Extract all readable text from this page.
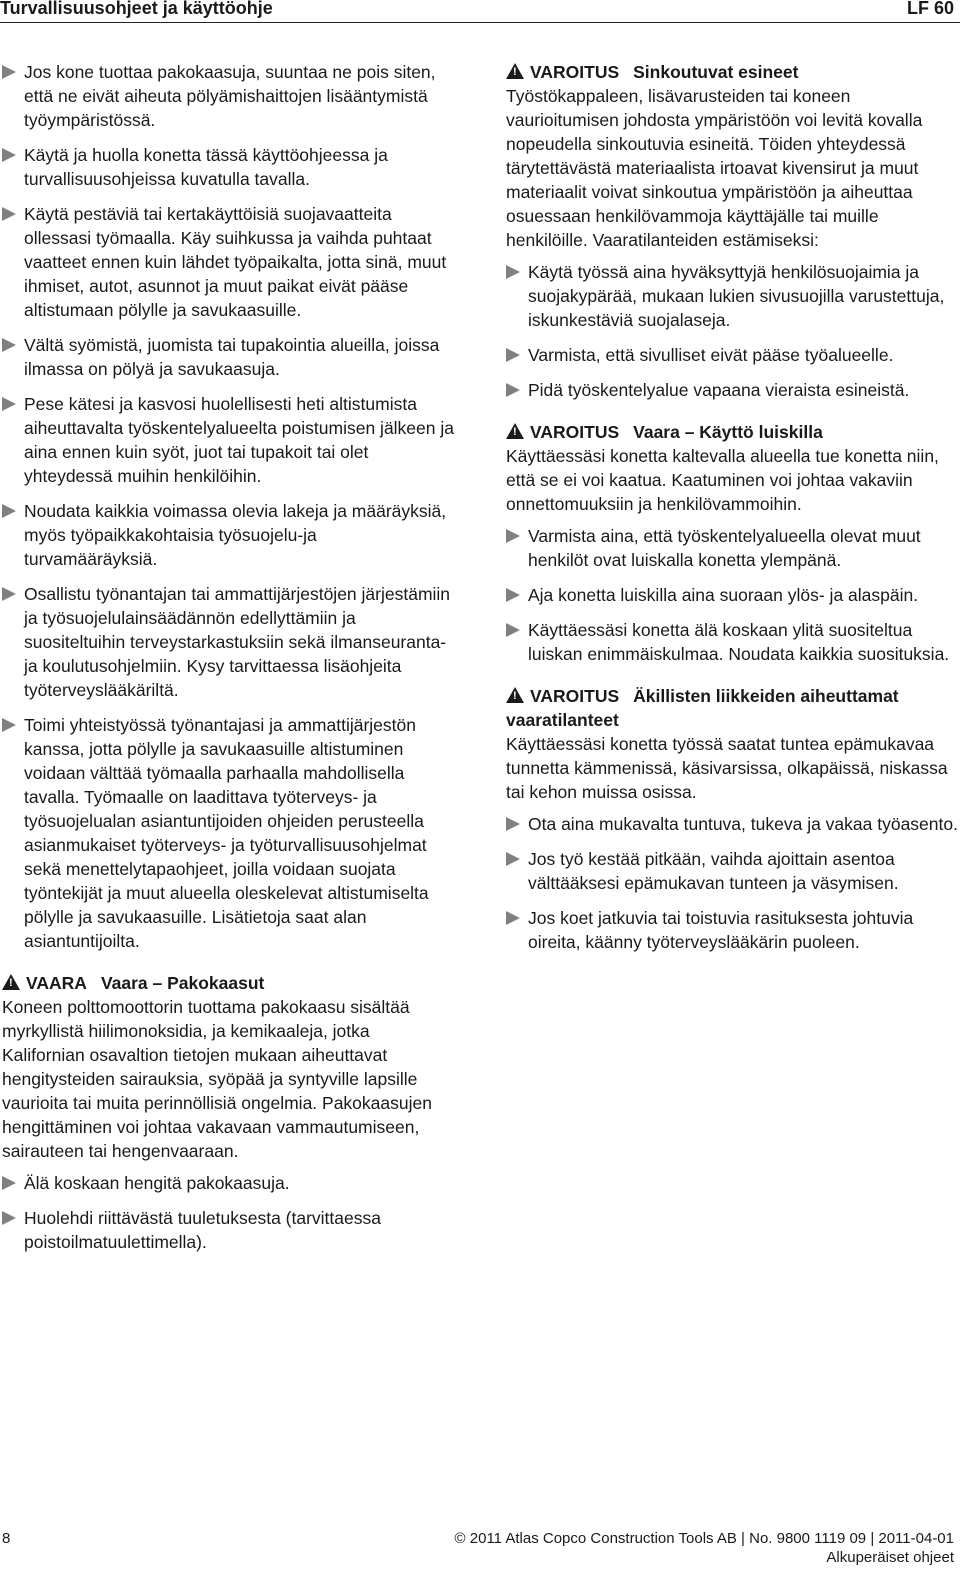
Turvallisuusohjeet ja käyttöohje	LF 60
Jos kone tuottaa pakokaasuja, suuntaa ne pois siten, että ne eivät aiheuta pölyämishaittojen lisääntymistä työympäristössä.
Käytä ja huolla konetta tässä käyttöohjeessa ja turvallisuusohjeissa kuvatulla tavalla.
Käytä pestäviä tai kertakäyttöisiä suojavaatteita ollessasi työmaalla. Käy suihkussa ja vaihda puhtaat vaatteet ennen kuin lähdet työpaikalta, jotta sinä, muut ihmiset, autot, asunnot ja muut paikat eivät pääse altistumaan pölylle ja savukaasuille.
Vältä syömistä, juomista tai tupakointia alueilla, joissa ilmassa on pölyä ja savukaasuja.
Pese kätesi ja kasvosi huolellisesti heti altistumista aiheuttavalta työskentelyalueelta poistumisen jälkeen ja aina ennen kuin syöt, juot tai tupakoit tai olet yhteydessä muihin henkilöihin.
Noudata kaikkia voimassa olevia lakeja ja määräyksiä, myös työpaikkakohtaisia työsuojelu-ja turvamääräyksiä.
Osallistu työnantajan tai ammattijärjestöjen järjestämiin ja työsuojelulainsäädännön edellyttämiin ja suositeltuihin terveystarkastuksiin sekä ilmanseuranta- ja koulutusohjelmiin. Kysy tarvittaessa lisäohjeita työterveyslääkäriltä.
Toimi yhteistyössä työnantajasi ja ammattijärjestön kanssa, jotta pölylle ja savukaasuille altistuminen voidaan välttää työmaalla parhaalla mahdollisella tavalla. Työmaalle on laadittava työterveys- ja työsuojelualan asiantuntijoiden ohjeiden perusteella asianmukaiset työterveys- ja työturvallisuusohjelmat sekä menettelytapaohjeet, joilla voidaan suojata työntekijät ja muut alueella oleskelevat altistumiselta pölylle ja savukaasuille. Lisätietoja saat alan asiantuntijoilta.
!VAARA Vaara – Pakokaasut
Koneen polttomoottorin tuottama pakokaasu sisältää myrkyllistä hiilimonoksidia, ja kemikaaleja, jotka Kalifornian osavaltion tietojen mukaan aiheuttavat hengitysteiden sairauksia, syöpää ja syntyville lapsille vaurioita tai muita perinnöllisiä ongelmia. Pakokaasujen hengittäminen voi johtaa vakavaan vammautumiseen, sairauteen tai hengenvaaraan.
Älä koskaan hengitä pakokaasuja.
Huolehdi riittävästä tuuletuksesta (tarvittaessa poistoilmatuulettimella).
!VAROITUS Sinkoutuvat esineet
Työstökappaleen, lisävarusteiden tai koneen vaurioitumisen johdosta ympäristöön voi levitä kovalla nopeudella sinkoutuvia esineitä. Töiden yhteydessä tärytettävästä materiaalista irtoavat kivensirut ja muut materiaalit voivat sinkoutua ympäristöön ja aiheuttaa osuessaan henkilövammoja käyttäjälle tai muille henkilöille. Vaaratilanteiden estämiseksi:
Käytä työssä aina hyväksyttyjä henkilösuojaimia ja suojakypärää, mukaan lukien sivusuojilla varustettuja, iskunkestäviä suojalaseja.
Varmista, että sivulliset eivät pääse työalueelle.
Pidä työskentelyalue vapaana vieraista esineistä.
!VAROITUS Vaara – Käyttö luiskilla
Käyttäessäsi konetta kaltevalla alueella tue konetta niin, että se ei voi kaatua. Kaatuminen voi johtaa vakaviin onnettomuuksiin ja henkilövammoihin.
Varmista aina, että työskentelyalueella olevat muut henkilöt ovat luiskalla konetta ylempänä.
Aja konetta luiskilla aina suoraan ylös- ja alaspäin.
Käyttäessäsi konetta älä koskaan ylitä suositeltua luiskan enimmäiskulmaa. Noudata kaikkia suosituksia.
!VAROITUS Äkillisten liikkeiden aiheuttamat vaaratilanteet
Käyttäessäsi konetta työssä saatat tuntea epämukavaa tunnetta kämmenissä, käsivarsissa, olkapäissä, niskassa tai kehon muissa osissa.
Ota aina mukavalta tuntuva, tukeva ja vakaa työasento.
Jos työ kestää pitkään, vaihda ajoittain asentoa välttääksesi epämukavan tunteen ja väsymisen.
Jos koet jatkuvia tai toistuvia rasituksesta johtuvia oireita, käänny työterveyslääkärin puoleen.
8	© 2011 Atlas Copco Construction Tools AB | No. 9800 1119 09 | 2011-04-01
Alkuperäiset ohjeet
